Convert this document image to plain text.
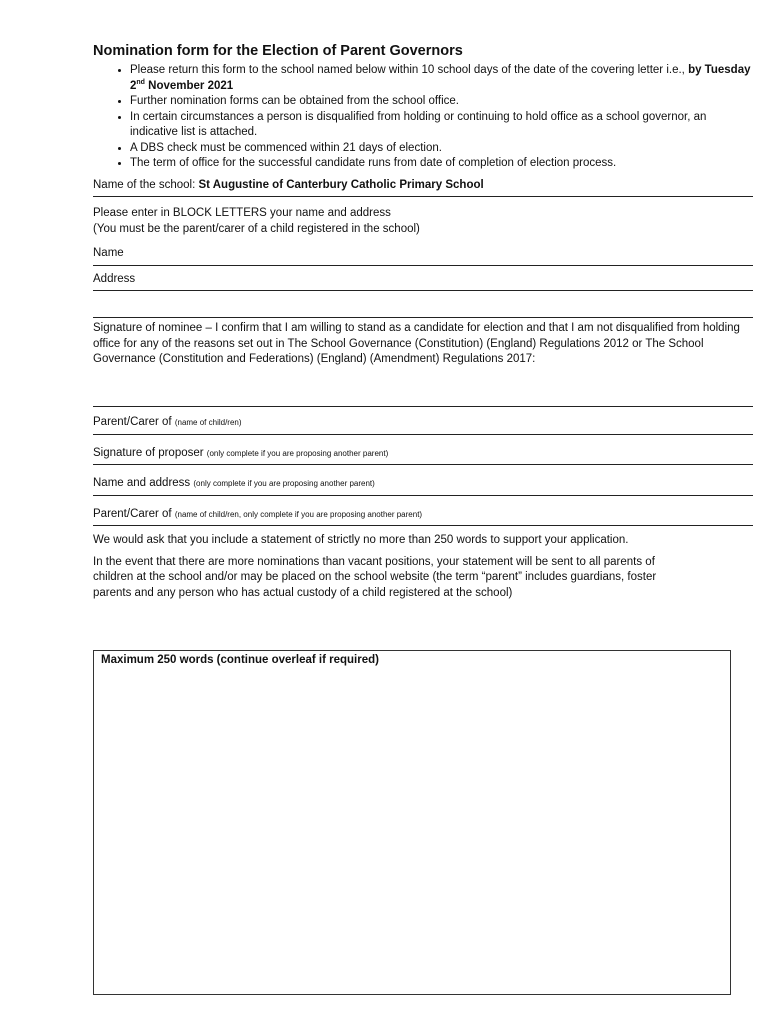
Nomination form for the Election of Parent Governors
• Please return this form to the school named below within 10 school days of the date of the covering letter i.e., by Tuesday 2nd November 2021
• Further nomination forms can be obtained from the school office.
• In certain circumstances a person is disqualified from holding or continuing to hold office as a school governor, an indicative list is attached.
• A DBS check must be commenced within 21 days of election.
• The term of office for the successful candidate runs from date of completion of election process.
Name of the school: St Augustine of Canterbury Catholic Primary School

Please enter in BLOCK LETTERS your name and address

(You must be the parent/carer of a child registered in the school)

Name
Address
Signature of nominee – I confirm that I am willing to stand as a candidate for election and that I am not disqualified from holding office for any of the reasons set out in The School Governance (Constitution) (England) Regulations 2012 or The School Governance (Constitution and Federations) (England) (Amendment) Regulations 2017:
Parent/Carer of (name of child/ren)
Signature of proposer (only complete if you are proposing another parent)
Name and address (only complete if you are proposing another parent)
Parent/Carer of (name of child/ren, only complete if you are proposing another parent)

We would ask that you include a statement of strictly no more than 250 words to support your application.

In the event that there are more nominations than vacant positions, your statement will be sent to all parents of children at the school and/or may be placed on the school website (the term “parent” includes guardians, foster parents and any person who has actual custody of a child registered at the school)

Maximum 250 words (continue overleaf if required)
